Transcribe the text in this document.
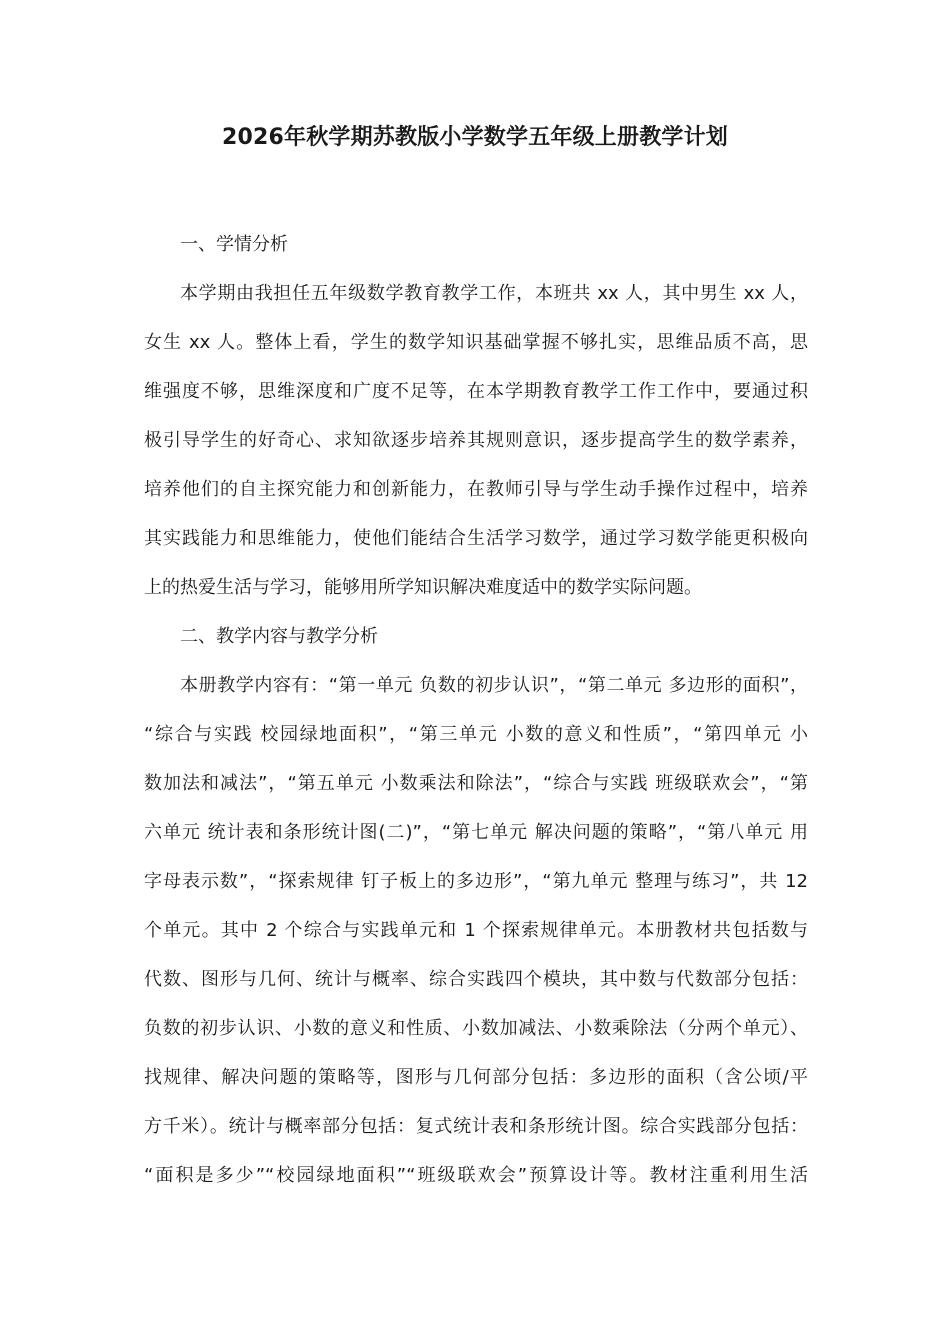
2026年秋学期苏教版小学数学五年级上册教学计划
一、学情分析
本学期由我担任五年级数学教育教学工作，本班共 xx 人，其中男生 xx 人，
女生 xx 人。整体上看，学生的数学知识基础掌握不够扎实，思维品质不高，思
维强度不够，思维深度和广度不足等，在本学期教育教学工作工作中，要通过积
极引导学生的好奇心、求知欲逐步培养其规则意识，逐步提高学生的数学素养，
培养他们的自主探究能力和创新能力，在教师引导与学生动手操作过程中，培养
其实践能力和思维能力，使他们能结合生活学习数学，通过学习数学能更积极向
上的热爱生活与学习，能够用所学知识解决难度适中的数学实际问题。
二、教学内容与教学分析
本册教学内容有：“第一单元 负数的初步认识”，“第二单元 多边形的面积”，
“综合与实践 校园绿地面积”，“第三单元 小数的意义和性质”，“第四单元 小
数加法和减法”，“第五单元 小数乘法和除法”，“综合与实践 班级联欢会”，“第
六单元 统计表和条形统计图(二)”，“第七单元 解决问题的策略”，“第八单元 用
字母表示数”，“探索规律 钉子板上的多边形”，“第九单元 整理与练习”，共 12
个单元。其中 2 个综合与实践单元和 1 个探索规律单元。本册教材共包括数与
代数、图形与几何、统计与概率、综合实践四个模块，其中数与代数部分包括：
负数的初步认识、小数的意义和性质、小数加减法、小数乘除法（分两个单元）、
找规律、解决问题的策略等，图形与几何部分包括：多边形的面积（含公顷/平
方千米）。统计与概率部分包括：复式统计表和条形统计图。综合实践部分包括：
“面积是多少”“校园绿地面积”“班级联欢会”预算设计等。教材注重利用生活
